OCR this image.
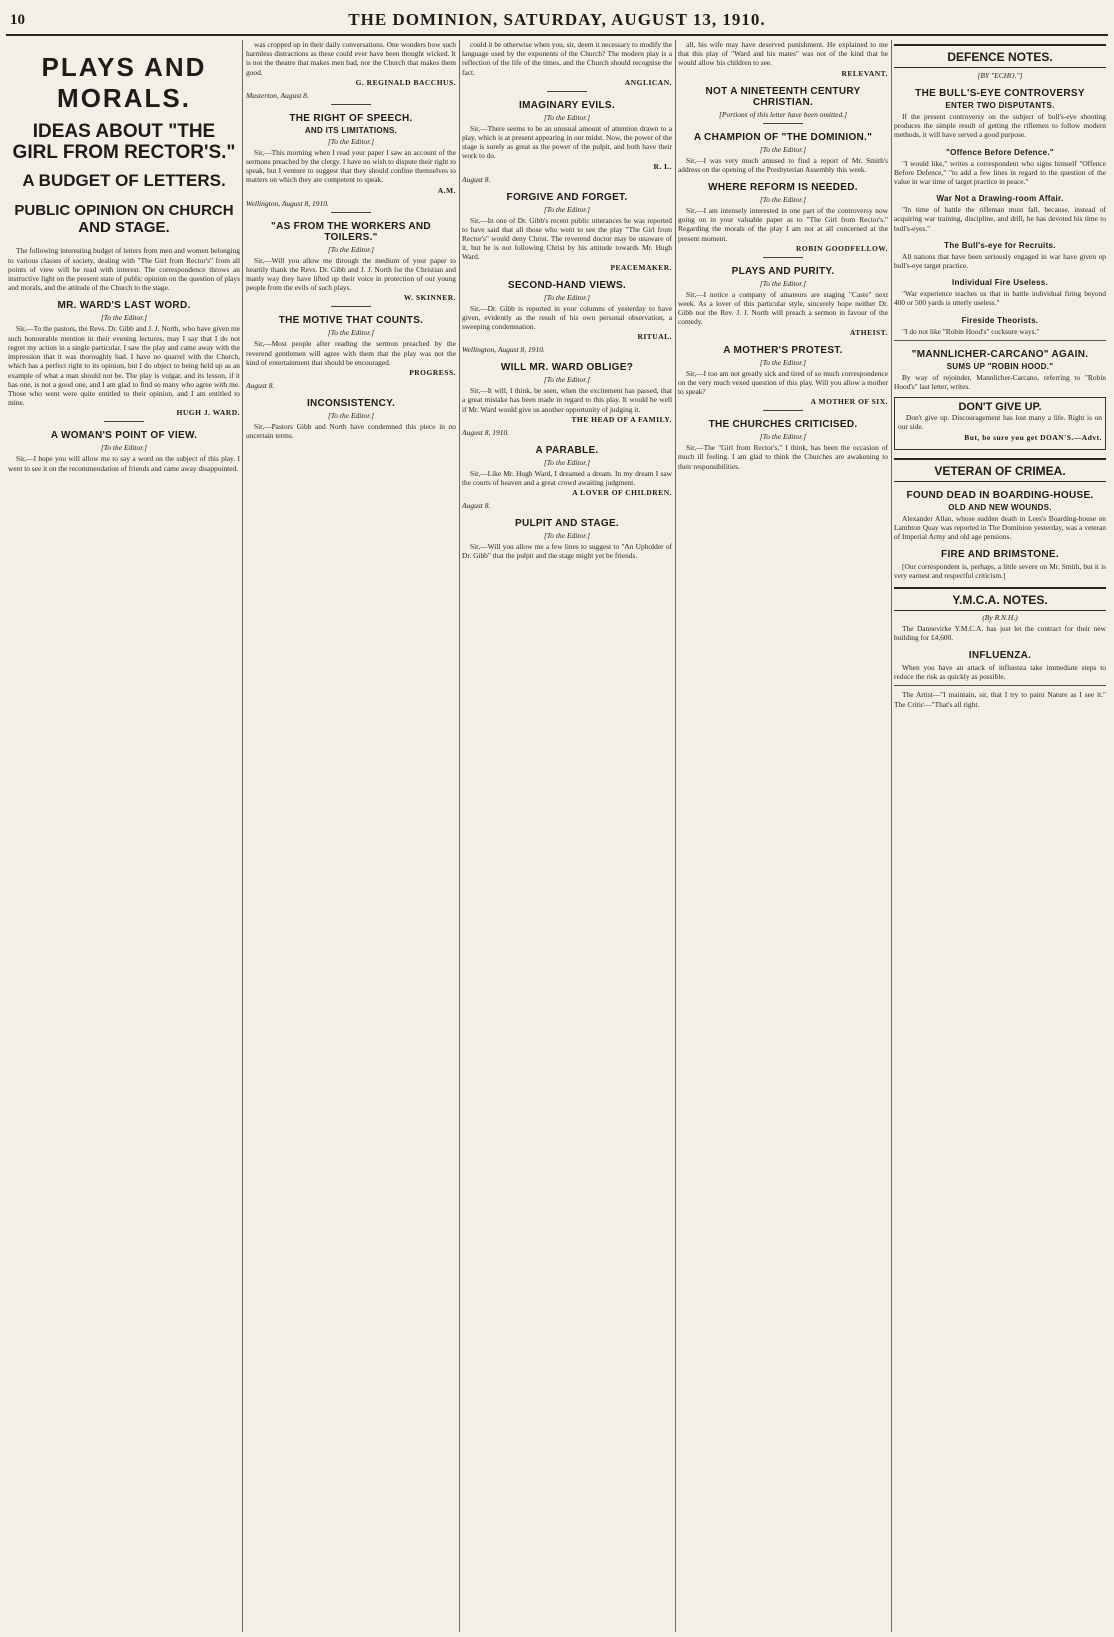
10	THE DOMINION, SATURDAY, AUGUST 13, 1910.
PLAYS AND MORALS.
IDEAS ABOUT "THE GIRL FROM RECTOR'S."
A BUDGET OF LETTERS.
PUBLIC OPINION ON CHURCH AND STAGE.
The following interesting budget of letters from men and women belonging to various classes of society, dealing with "The Girl from Rector's" from all points of view will be read with interest. The correspondence throws an instructive light on the present state of public opinion on the question of plays and morals, and the attitude of the Church to the stage.
MR. WARD'S LAST WORD.
[To the Editor.]
Sir,—To the pastors, the Revs. Dr. Gibb and J. J. North, who have given me such honourable mention in their evening lectures, may I say that I do not regret my action in a single particular. I saw the play and came away with the impression that it was thoroughly bad. I have no quarrel with the Church, which has a perfect right to its opinion, but I do object to being held up as an example of what a man should not be. The play is vulgar, and its lesson, if it has one, is not a good one, and I am glad to find so many who agree with me. Those who went were quite entitled to their opinion, and I am entitled to mine.
HUGH J. WARD.
A WOMAN'S POINT OF VIEW.
[To the Editor.]
Sir,—I hope you will allow me to say a word on the subject of this play. I went to see it on the recommendation of friends and came away disappointed.
was cropped up in their daily conversations. One wonders how such harmless distractions as these could ever have been thought wicked. It is not the theatre that makes men bad, nor the Church that makes them good.
G. REGINALD BACCHUS.
Masterton, August 8.
THE RIGHT OF SPEECH.
AND ITS LIMITATIONS.
[To the Editor.]
Sir,—This morning when I read your paper I saw an account of the sermons preached by the clergy. I have no wish to dispute their right to speak, but I venture to suggest that they should confine themselves to matters on which they are competent to speak.
A.M.
Wellington, August 8, 1910.
"AS FROM THE WORKERS AND TOILERS."
[To the Editor.]
Sir,—Will you allow me through the medium of your paper to heartily thank the Revs. Dr. Gibb and J. J. North for the Christian and manly way they have lifted up their voice in protection of our young people from the evils of such plays.
W. SKINNER.
THE MOTIVE THAT COUNTS.
[To the Editor.]
Sir,—Most people after reading the sermon preached by the reverend gentlemen will agree with them that the play was not the kind of entertainment that should be encouraged.
PROGRESS.
August 8.
INCONSISTENCY.
[To the Editor.]
Sir,—Pastors Gibb and North have condemned this piece in no uncertain terms.
could it be otherwise when you, sir, deem it necessary to modify the language used by the exponents of the Church? The modern play is a reflection of the life of the times, and the Church should recognise the fact.
ANGLICAN.
IMAGINARY EVILS.
[To the Editor.]
Sir,—There seems to be an unusual amount of attention drawn to a play, which is at present appearing in our midst. Now, the power of the stage is surely as great as the power of the pulpit, and both have their work to do.
R. L.
August 8.
FORGIVE AND FORGET.
[To the Editor.]
Sir,—In one of Dr. Gibb's recent public utterances he was reported to have said that all those who went to see the play "The Girl from Rector's" would deny Christ. The reverend doctor may be unaware of it, but he is not following Christ by his attitude towards Mr. Hugh Ward.
PEACEMAKER.
SECOND-HAND VIEWS.
[To the Editor.]
Sir,—Dr. Gibb is reported in your columns of yesterday to have given, evidently as the result of his own personal observation, a sweeping condemnation.
RITUAL.
Wellington, August 8, 1910.
WILL MR. WARD OBLIGE?
[To the Editor.]
Sir,—It will, I think, be seen, when the excitement has passed, that a great mistake has been made in regard to this play. It would be well if Mr. Ward would give us another opportunity of judging it.
THE HEAD OF A FAMILY.
August 8, 1910.
A PARABLE.
[To the Editor.]
Sir,—Like Mr. Hugh Ward, I dreamed a dream. In my dream I saw the courts of heaven and a great crowd awaiting judgment.
A LOVER OF CHILDREN.
August 8.
PULPIT AND STAGE.
[To the Editor.]
Sir,—Will you allow me a few lines to suggest to "An Upholder of Dr. Gibb" that the pulpit and the stage might yet be friends.
all, his wife may have deserved punishment. He explained to me that this play of "Ward and his mates" was not of the kind that he would allow his children to see.
RELEVANT.
NOT A NINETEENTH CENTURY CHRISTIAN.
[Portions of this letter have been omitted.]
A CHAMPION OF "THE DOMINION."
[To the Editor.]
Sir,—I was very much amused to find a report of Mr. Smith's address on the opening of the Presbyterian Assembly this week.
WHERE REFORM IS NEEDED.
[To the Editor.]
Sir,—I am intensely interested in one part of the controversy now going on in your valuable paper as to "The Girl from Rector's." Regarding the morals of the play I am not at all concerned at the present moment.
ROBIN GOODFELLOW.
PLAYS AND PURITY.
[To the Editor.]
Sir,—I notice a company of amateurs are staging "Caste" next week. As a lover of this particular style, sincerely hope neither Dr. Gibb nor the Rev. J. J. North will preach a sermon in favour of the comedy.
ATHEIST.
A MOTHER'S PROTEST.
[To the Editor.]
Sir,—I too am not greatly sick and tired of so much correspondence on the very much vexed question of this play. Will you allow a mother to speak?
A MOTHER OF SIX.
THE CHURCHES CRITICISED.
[To the Editor.]
Sir,—The "Girl from Rector's," I think, has been the occasion of much ill feeling. I am glad to think the Churches are awakening to their responsibilities.
DEFENCE NOTES.
[BY "ECHO."]
THE BULL'S-EYE CONTROVERSY
ENTER TWO DISPUTANTS.
If the present controversy on the subject of bull's-eye shooting produces the simple result of getting the riflemen to follow modern methods, it will have served a good purpose.
"Offence Before Defence."
"I would like," writes a correspondent who signs himself "Offence Before Defence," "to add a few lines in regard to the question of the value in war time of target practice in peace."
War Not a Drawing-room Affair.
"In time of battle the rifleman must fall, because, instead of acquiring war training, discipline, and drill, he has devoted his time to bull's-eyes."
The Bull's-eye for Recruits.
All nations that have been seriously engaged in war have given up bull's-eye target practice.
Individual Fire Useless.
"War experience teaches us that in battle individual firing beyond 400 or 500 yards is utterly useless."
Fireside Theorists.
"I do not like "Robin Hood's" cocksure ways."
"MANNLICHER-CARCANO" AGAIN.
SUMS UP "ROBIN HOOD."
By way of rejoinder, Mannlicher-Carcano, referring to "Robin Hood's" last letter, writes.
DON'T GIVE UP.
Don't give up. Discouragement has lost many a life. Right is on our side.
But, be sure you get DOAN'S.—Advt.
VETERAN OF CRIMEA.
FOUND DEAD IN BOARDING-HOUSE.
OLD AND NEW WOUNDS.
Alexander Allan, whose sudden death in Lees's Boarding-house on Lambton Quay was reported in The Dominion yesterday, was a veteran of Imperial Army and old age pensions.
FIRE AND BRIMSTONE.
[Our correspondent is, perhaps, a little severe on Mr. Smith, but it is very earnest and respectful criticism.]
Y.M.C.A. NOTES.
(By R.N.H.)
The Dannevirke Y.M.C.A. has just let the contract for their new building for £4,600.
INFLUENZA.
When you have an attack of influenza take immediate steps to reduce the risk as quickly as possible.
The Artist—"I maintain, sir, that I try to paint Nature as I see it." The Critic—"That's all right.
